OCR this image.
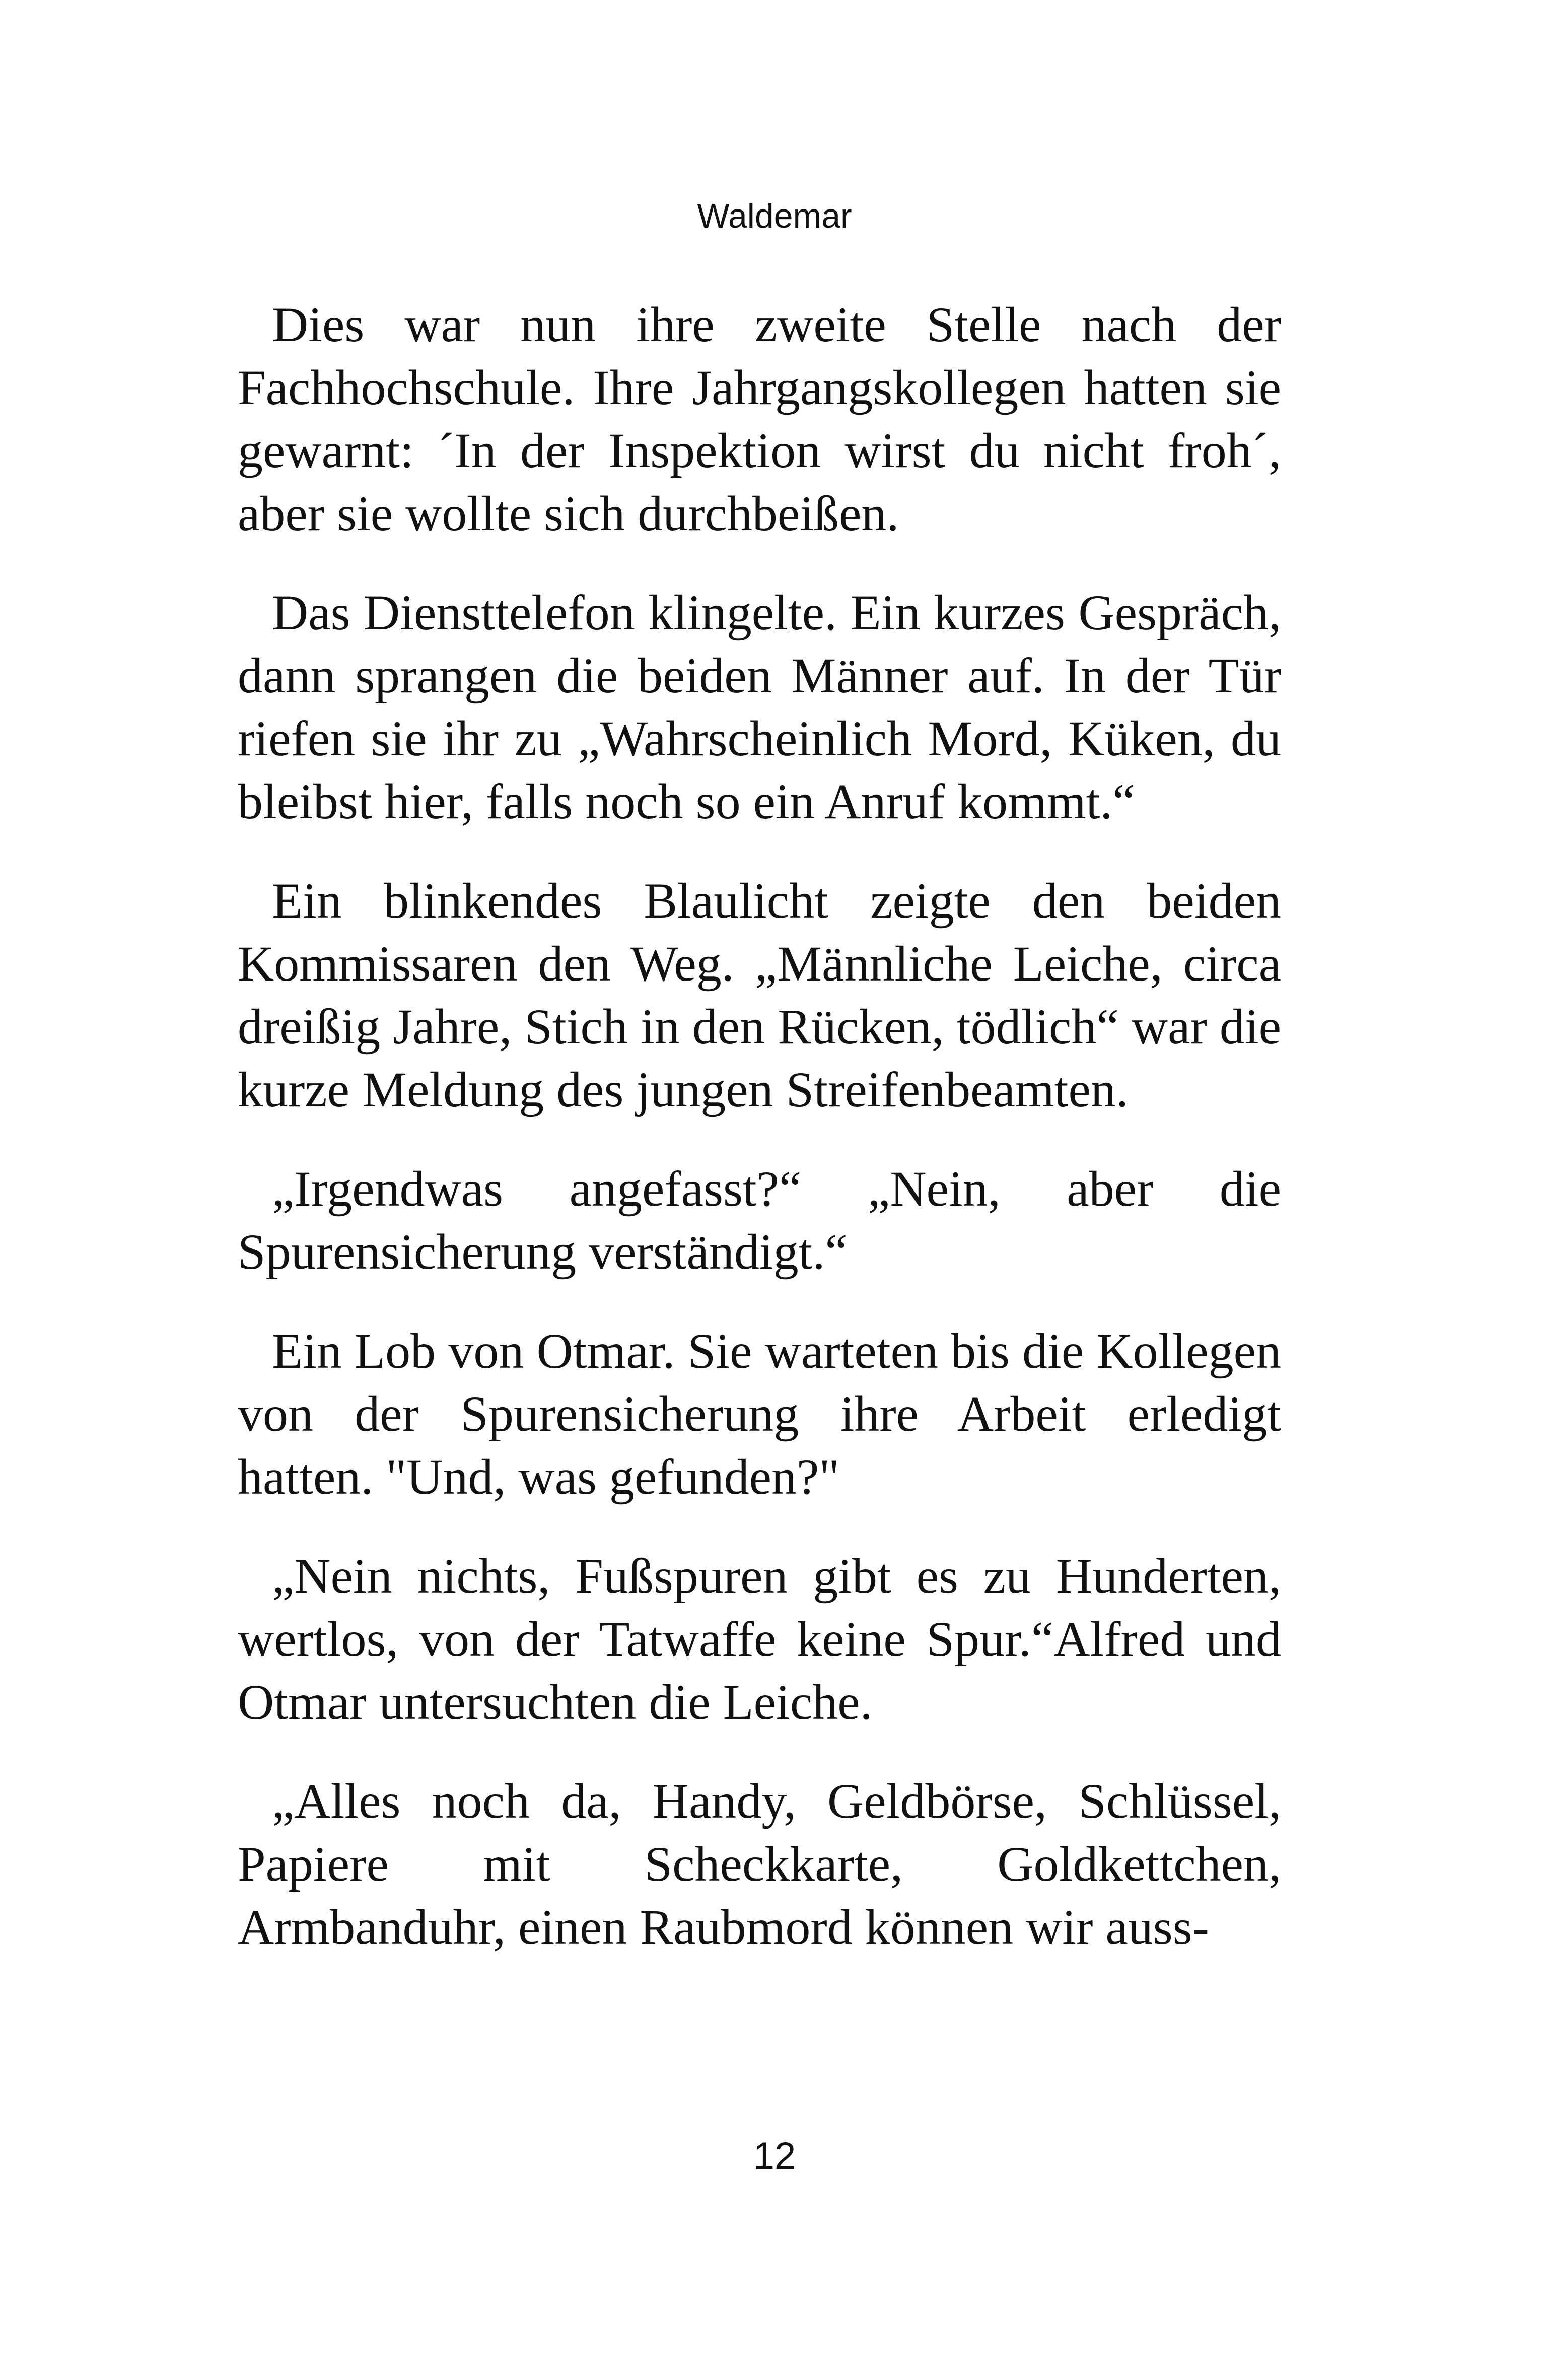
Waldemar

Dies war nun ihre zweite Stelle nach der Fachhochschule. Ihre Jahrgangskollegen hatten sie gewarnt: ´In der Inspektion wirst du nicht froh´, aber sie wollte sich durchbeißen.

Das Diensttelefon klingelte. Ein kurzes Gespräch, dann sprangen die beiden Männer auf. In der Tür riefen sie ihr zu „Wahrscheinlich Mord, Küken, du bleibst hier, falls noch so ein Anruf kommt.“

Ein blinkendes Blaulicht zeigte den beiden Kommissaren den Weg. „Männliche Leiche, circa dreißig Jahre, Stich in den Rücken, tödlich“ war die kurze Meldung des jungen Streifenbeamten.

„Irgendwas angefasst?“ „Nein, aber die Spurensicherung verständigt.“

Ein Lob von Otmar. Sie warteten bis die Kollegen von der Spurensicherung ihre Arbeit erledigt hatten. "Und, was gefunden?"

„Nein nichts, Fußspuren gibt es zu Hunderten, wertlos, von der Tatwaffe keine Spur.“Alfred und Otmar untersuchten die Leiche.

„Alles noch da, Handy, Geldbörse, Schlüssel, Papiere mit Scheckkarte, Goldkettchen, Armbanduhr, einen Raubmord können wir auss-

12
